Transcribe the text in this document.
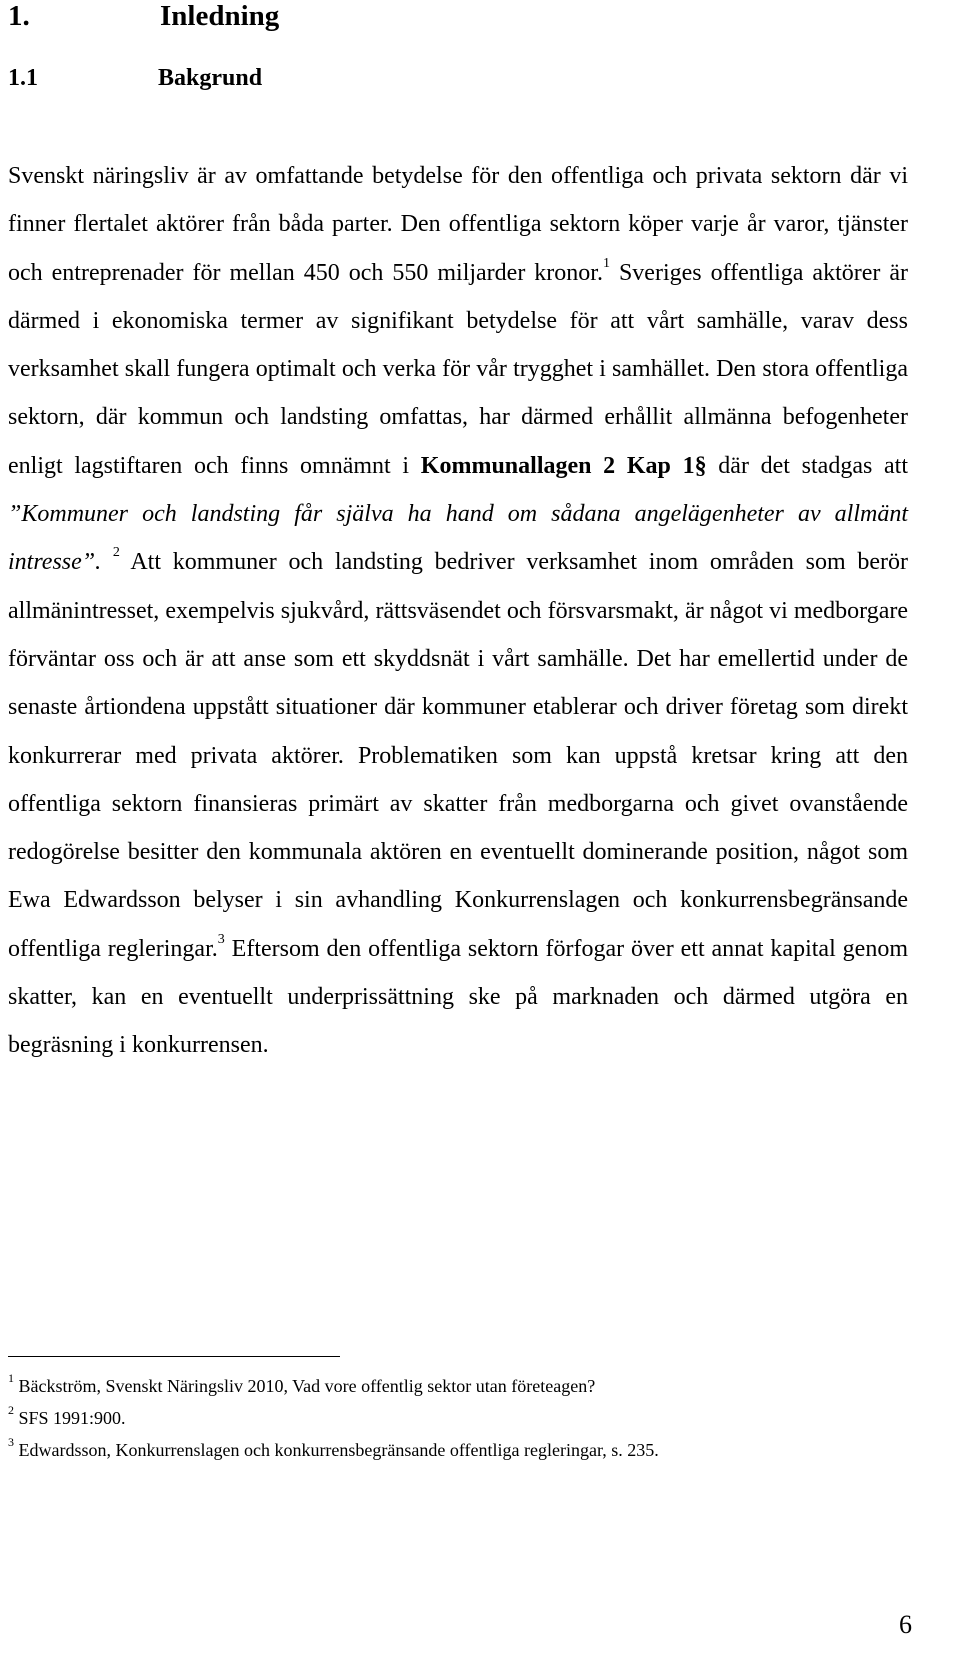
1.	Inledning
1.1	Bakgrund

Svenskt näringsliv är av omfattande betydelse för den offentliga och privata sektorn där vi finner flertalet aktörer från båda parter. Den offentliga sektorn köper varje år varor, tjänster och entreprenader för mellan 450 och 550 miljarder kronor.$^1$ Sveriges offentliga aktörer är därmed i ekonomiska termer av signifikant betydelse för att vårt samhälle, varav dess verksamhet skall fungera optimalt och verka för vår trygghet i samhället. Den stora offentliga sektorn, där kommun och landsting omfattas, har därmed erhållit allmänna befogenheter enligt lagstiftaren och finns omnämnt i Kommunallagen 2 Kap 1§ där det stadgas att ”Kommuner och landsting får själva ha hand om sådana angelägenheter av allmänt intresse”. $^2$ Att kommuner och landsting bedriver verksamhet inom områden som berör allmänintresset, exempelvis sjukvård, rättsväsendet och försvarsmakt, är något vi medborgare förväntar oss och är att anse som ett skyddsnät i vårt samhälle. Det har emellertid under de senaste årtiondena uppstått situationer där kommuner etablerar och driver företag som direkt konkurrerar med privata aktörer. Problematiken som kan uppstå kretsar kring att den offentliga sektorn finansieras primärt av skatter från medborgarna och givet ovanstående redogörelse besitter den kommunala aktören en eventuellt dominerande position, något som Ewa Edwardsson belyser i sin avhandling Konkurrenslagen och konkurrensbegränsande offentliga regleringar.$^3$ Eftersom den offentliga sektorn förfogar över ett annat kapital genom skatter, kan en eventuellt underprissättning ske på marknaden och därmed utgöra en begräsning i konkurrensen.

$^1$ Bäckström, Svenskt Näringsliv 2010, Vad vore offentlig sektor utan företeagen?
$^2$ SFS 1991:900.
$^3$ Edwardsson, Konkurrenslagen och konkurrensbegränsande offentliga regleringar, s. 235.
6
